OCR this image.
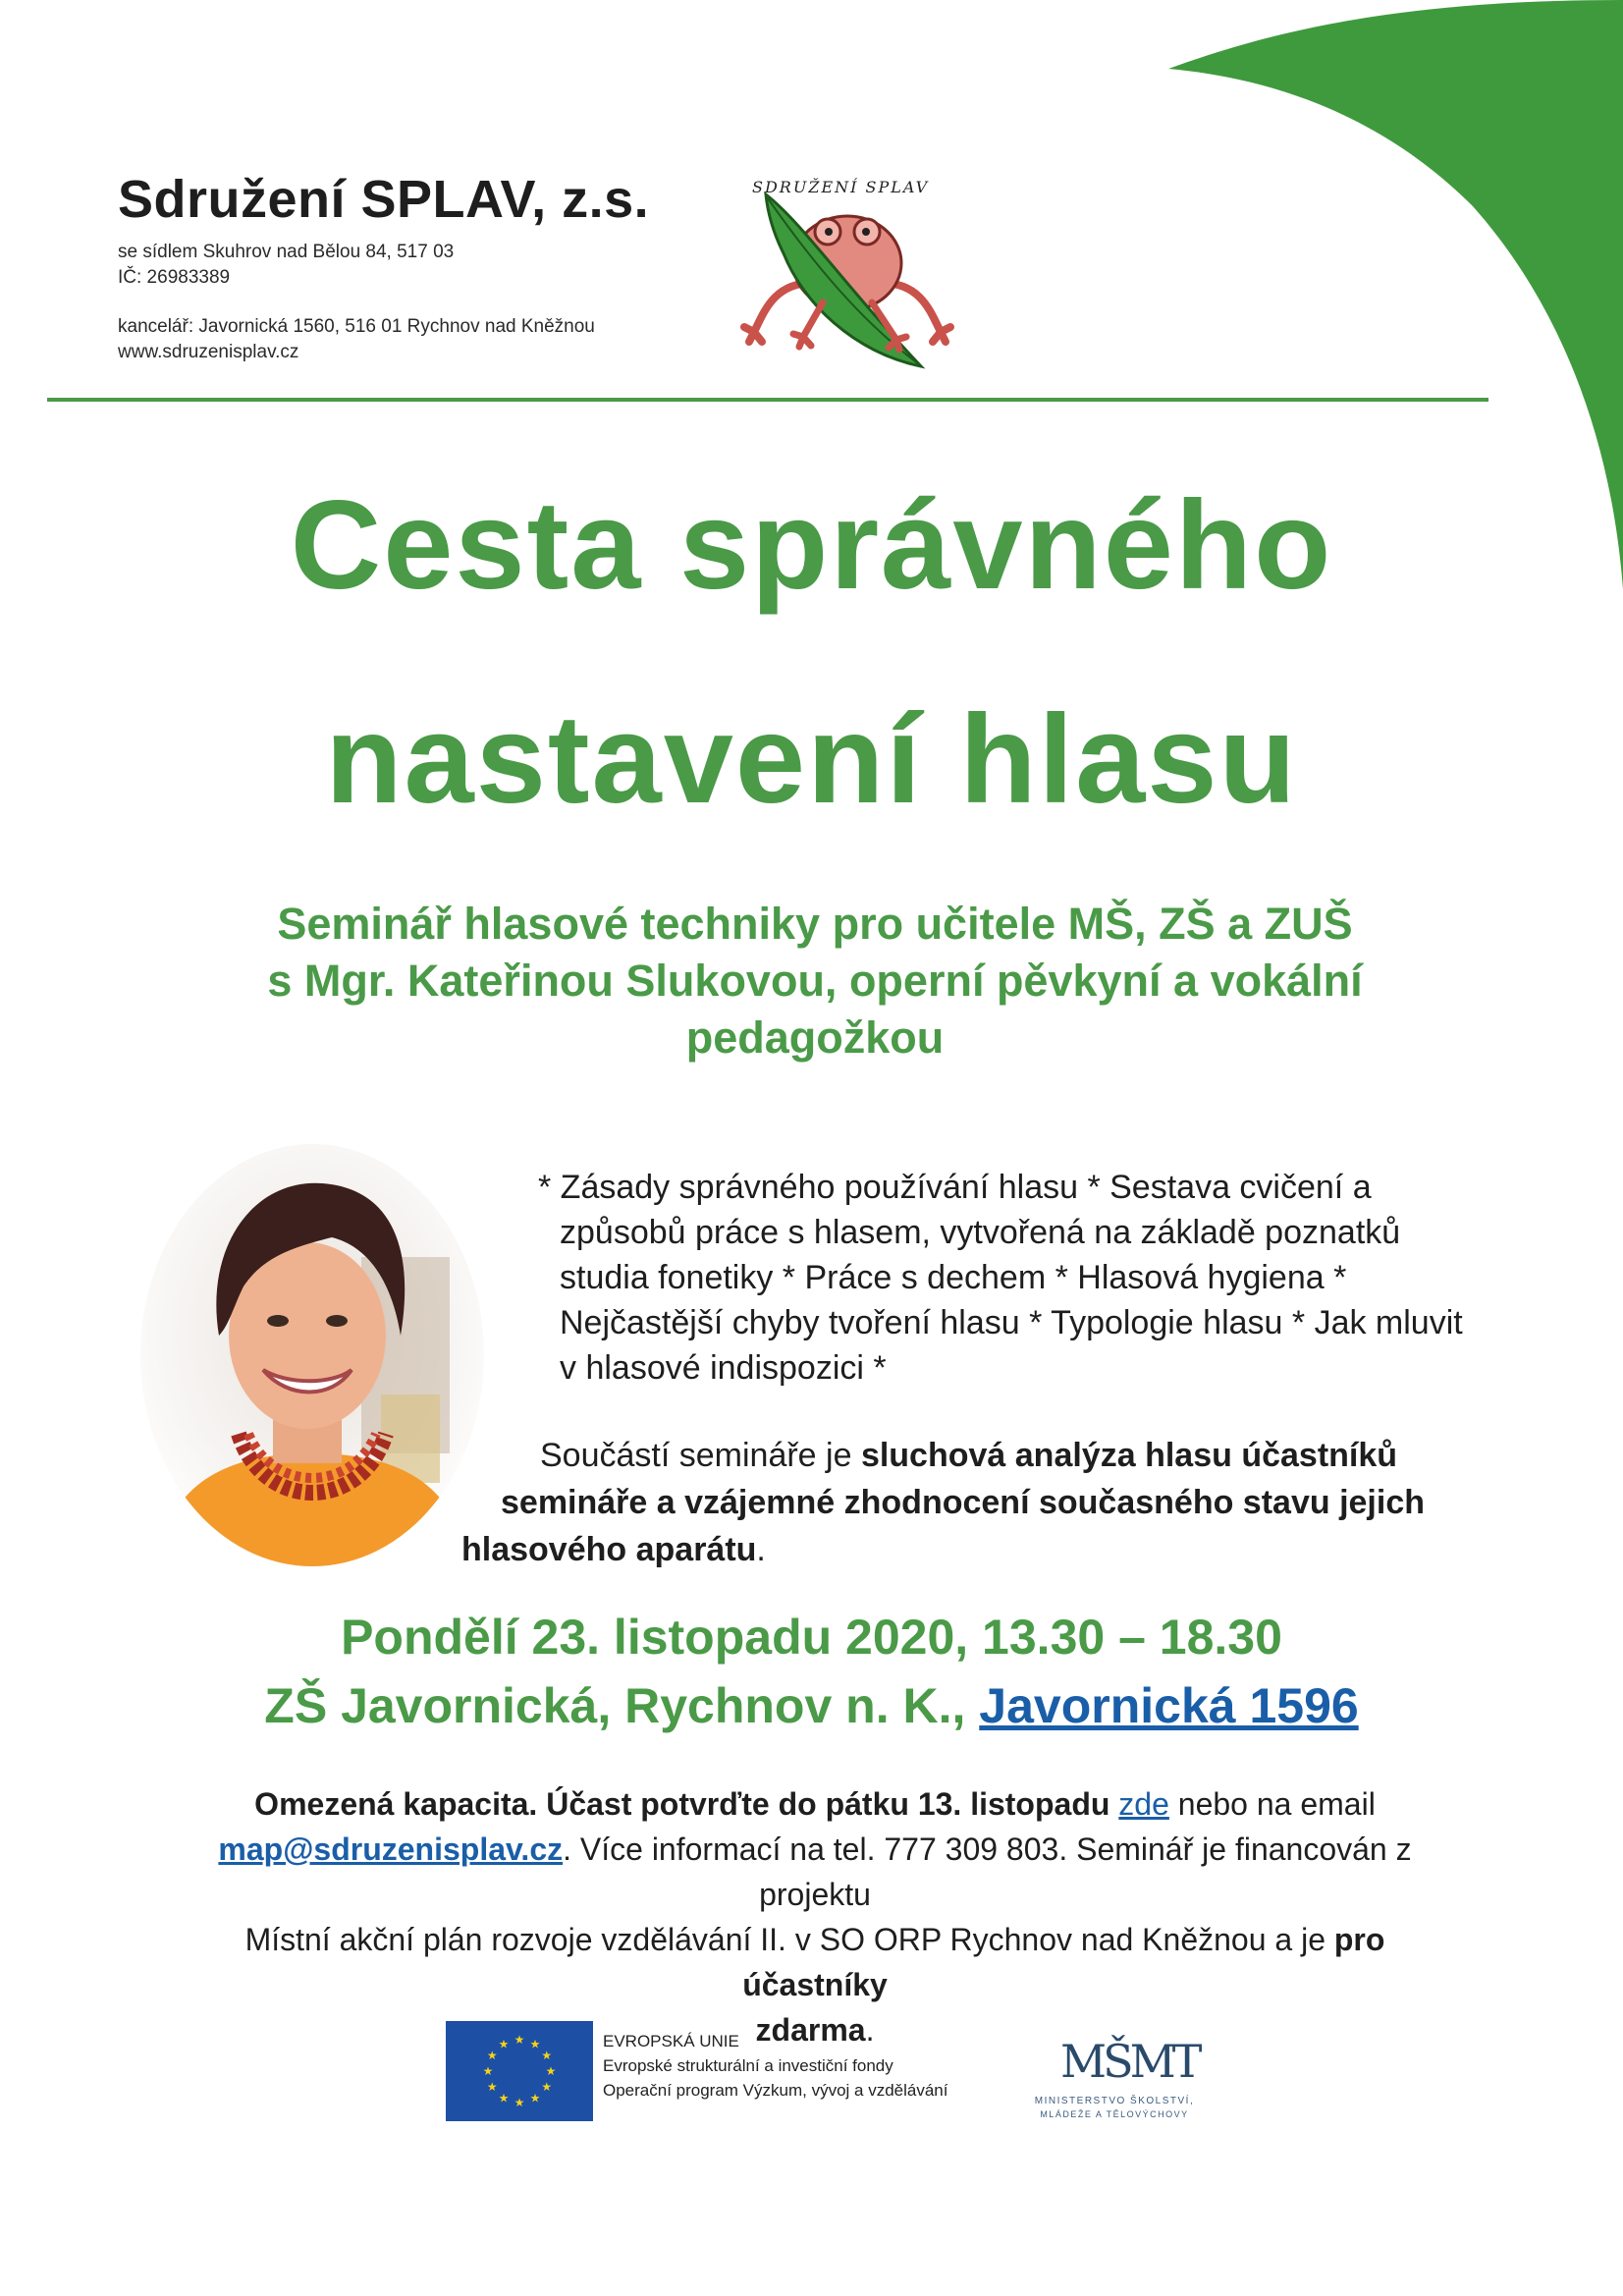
Sdružení SPLAV, z.s.
se sídlem Skuhrov nad Bělou 84, 517 03
IČ: 26983389
kancelář: Javornická 1560, 516 01 Rychnov nad Kněžnou
www.sdruzenisplav.cz
SDRUŽENÍ SPLAV
Cesta správného
nastavení hlasu
Seminář hlasové techniky pro učitele MŠ, ZŠ a ZUŠ
s Mgr. Kateřinou Slukovou, operní pěvkyní a vokální
pedagožkou
* Zásady správného používání hlasu * Sestava cvičení a
způsobů práce s hlasem, vytvořená na základě poznatků
studia fonetiky * Práce s dechem * Hlasová hygiena *
Nejčastější chyby tvoření hlasu * Typologie hlasu * Jak mluvit
v hlasové indispozici *
Součástí semináře je sluchová analýza hlasu účastníků
semináře a vzájemné zhodnocení současného stavu jejich
hlasového aparátu.
Pondělí 23. listopadu 2020, 13.30 – 18.30
ZŠ Javornická, Rychnov n. K., Javornická 1596
Omezená kapacita. Účast potvrďte do pátku 13. listopadu zde nebo na email
map@sdruzenisplav.cz. Více informací na tel. 777 309 803. Seminář je financován z projektu
Místní akční plán rozvoje vzdělávání II. v SO ORP Rychnov nad Kněžnou a je pro účastníky
zdarma.
★
★
★
★
★
★
★
★
★ ★ ★
★
EVROPSKÁ UNIE
Evropské strukturální a investiční fondy
Operační program Výzkum, vývoj a vzdělávání
MŠMT
MINISTERSTVO ŠKOLSTVÍ,
MLÁDEŽE A TĚLOVÝCHOVY
